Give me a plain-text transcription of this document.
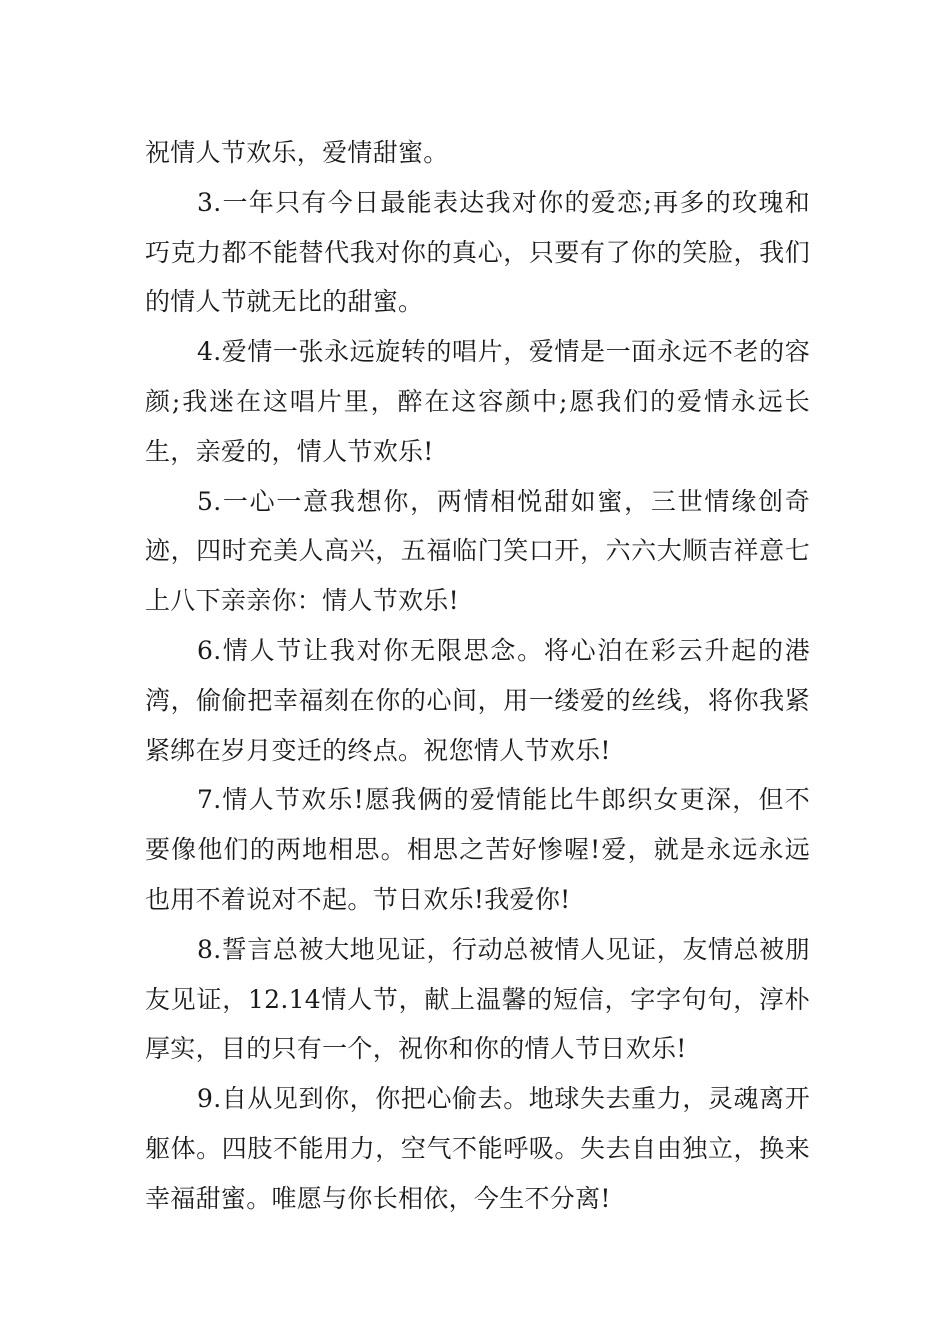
祝情人节欢乐，爱情甜蜜。

3.一年只有今日最能表达我对你的爱恋;再多的玫瑰和巧克力都不能替代我对你的真心，只要有了你的笑脸，我们的情人节就无比的甜蜜。

4.爱情一张永远旋转的唱片，爱情是一面永远不老的容颜;我迷在这唱片里，醉在这容颜中;愿我们的爱情永远长生，亲爱的，情人节欢乐!

5.一心一意我想你，两情相悦甜如蜜，三世情缘创奇迹，四时充美人高兴，五福临门笑口开，六六大顺吉祥意七上八下亲亲你：情人节欢乐!

6.情人节让我对你无限思念。将心泊在彩云升起的港湾，偷偷把幸福刻在你的心间，用一缕爱的丝线，将你我紧紧绑在岁月变迁的终点。祝您情人节欢乐!

7.情人节欢乐!愿我俩的爱情能比牛郎织女更深，但不要像他们的两地相思。相思之苦好惨喔!爱，就是永远永远也用不着说对不起。节日欢乐!我爱你!

8.誓言总被大地见证，行动总被情人见证，友情总被朋友见证，12.14情人节，献上温馨的短信，字字句句，淳朴厚实，目的只有一个，祝你和你的情人节日欢乐!

9.自从见到你，你把心偷去。地球失去重力，灵魂离开躯体。四肢不能用力，空气不能呼吸。失去自由独立，换来幸福甜蜜。唯愿与你长相依，今生不分离!
